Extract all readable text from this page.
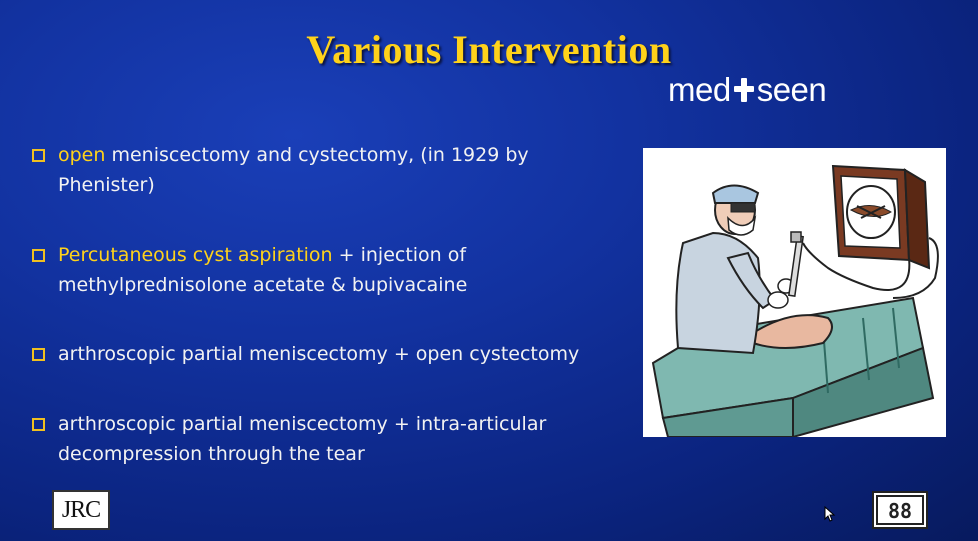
Various Intervention
med seen
open meniscectomy and cystectomy, (in 1929 by Phenister)
Percutaneous cyst aspiration + injection of methylprednisolone acetate & bupivacaine
arthroscopic partial meniscectomy + open cystectomy
arthroscopic partial meniscectomy + intra-articular decompression through the tear
JRC	88
